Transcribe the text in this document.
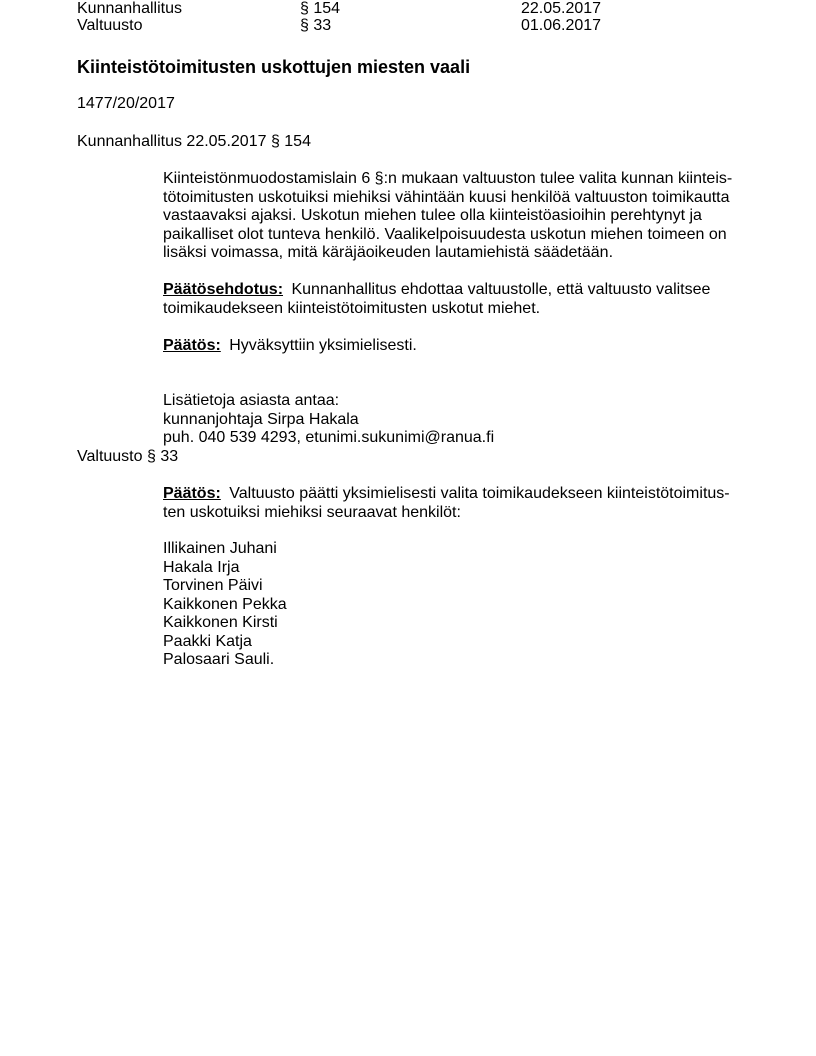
Kunnanhallitus	§ 154	22.05.2017
Valtuusto	§ 33	01.06.2017
Kiinteistötoimitusten uskottujen miesten vaali
1477/20/2017
Kunnanhallitus 22.05.2017 § 154
Kiinteistönmuodostamislain 6 §:n mukaan valtuuston tulee valita kunnan kiinteis-
tötoimitusten uskotuiksi miehiksi vähintään kuusi henkilöä valtuuston toimikautta
vastaavaksi ajaksi. Uskotun miehen tulee olla kiinteistöasioihin perehtynyt ja
paikalliset olot tunteva henkilö. Vaalikelpoisuudesta uskotun miehen toimeen on
lisäksi voimassa, mitä käräjäoikeuden lautamiehistä säädetään.
Päätösehdotus: Kunnanhallitus ehdottaa valtuustolle, että valtuusto valitsee
toimikaudekseen kiinteistötoimitusten uskotut miehet.
Päätös: Hyväksyttiin yksimielisesti.
Lisätietoja asiasta antaa:
kunnanjohtaja Sirpa Hakala
puh. 040 539 4293, etunimi.sukunimi@ranua.fi
Valtuusto § 33
Päätös: Valtuusto päätti yksimielisesti valita toimikaudekseen kiinteistötoimitus-
ten uskotuiksi miehiksi seuraavat henkilöt:
Illikainen Juhani
Hakala Irja
Torvinen Päivi
Kaikkonen Pekka
Kaikkonen Kirsti
Paakki Katja
Palosaari Sauli.
